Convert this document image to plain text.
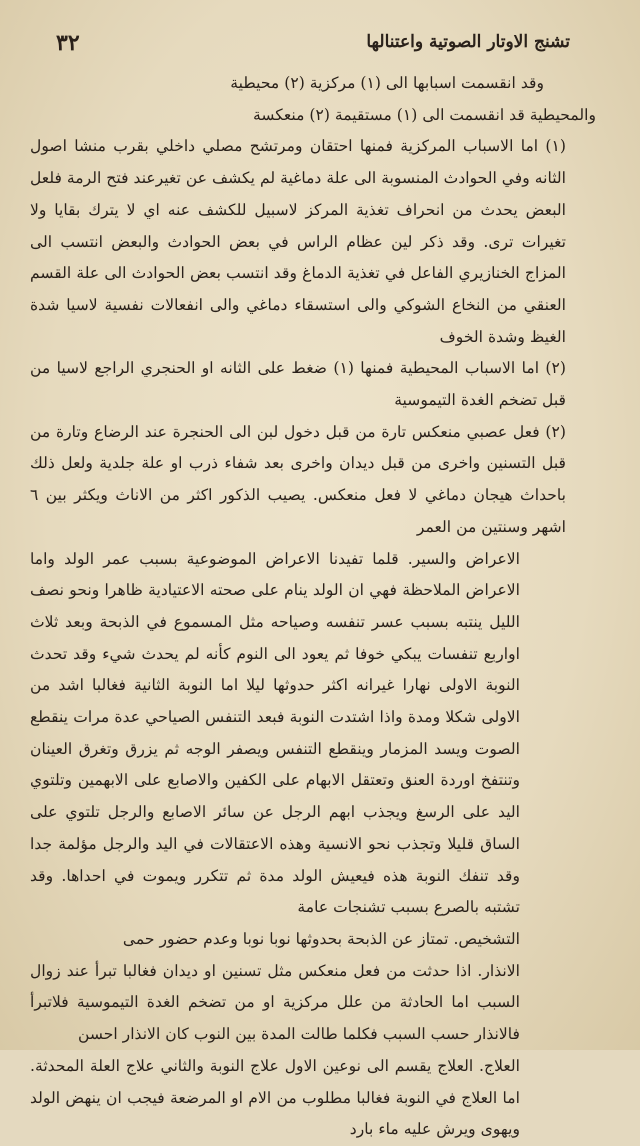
٣٢	تشنج الاوتار الصوتية واعتنالها

وقد انقسمت اسبابها الى (١) مركزية (٢) محيطية

والمحيطية قد انقسمت الى (١) مستقيمة (٢) منعكسة

(١) اما الاسباب المركزية فمنها احتقان ومرتشح مصلي داخلي بقرب منشا اصول الثانه وفي الحوادث المنسوبة الى علة دماغية لم يكشف عن تغيرعند فتح الرمة فلعل البعض يحدث من انحراف تغذية المركز لاسبيل للكشف عنه اي لا يترك بقايا ولا تغيرات ترى. وقد ذكر لين عظام الراس في بعض الحوادث والبعض انتسب الى المزاج الخنازيري الفاعل في تغذية الدماغ وقد انتسب بعض الحوادث الى علة القسم العنقي من النخاع الشوكي والى استسقاء دماغي والى انفعالات نفسية لاسيا شدة الغيظ وشدة الخوف

(٢) اما الاسباب المحيطية فمنها (١) ضغط على الثانه او الحنجري الراجع لاسيا من قبل تضخم الغدة التيموسية

(٢) فعل عصبي منعكس تارة من قبل دخول لبن الى الحنجرة عند الرضاع وتارة من قبل التسنين واخرى من قبل ديدان واخرى بعد شفاء ذرب او علة جلدية ولعل ذلك باحداث هيجان دماغي لا فعل منعكس. يصيب الذكور اكثر من الاناث ويكثر بين ٦ اشهر وسنتين من العمر

الاعراض والسير. قلما تفيدنا الاعراض الموضوعية بسبب عمر الولد واما الاعراض الملاحظة فهي ان الولد ينام على صحته الاعتيادية ظاهرا ونحو نصف الليل ينتبه بسبب عسر تنفسه وصياحه مثل المسموع في الذبحة وبعد ثلاث اواربع تنفسات يبكي خوفا ثم يعود الى النوم كأنه لم يحدث شيء وقد تحدث النوبة الاولى نهارا غيرانه اكثر حدوثها ليلا اما النوبة الثانية فغالبا اشد من الاولى شكلا ومدة واذا اشتدت النوبة فبعد التنفس الصياحي عدة مرات ينقطع الصوت ويسد المزمار وينقطع التنفس ويصفر الوجه ثم يزرق وتغرق العينان وتنتفخ اوردة العنق وتعتقل الابهام على الكفين والاصابع على الابهمين وتلتوي اليد على الرسغ ويجذب ابهم الرجل عن سائر الاصابع والرجل تلتوي على الساق قليلا وتجذب نحو الانسية وهذه الاعتقالات في اليد والرجل مؤلمة جدا وقد تنفك النوبة هذه فيعيش الولد مدة ثم تتكرر ويموت في احداها. وقد تشتبه بالصرع بسبب تشنجات عامة

التشخيص. تمتاز عن الذبحة بحدوثها نوبا نوبا وعدم حضور حمى

الانذار. اذا حدثت من فعل منعكس مثل تسنين او ديدان فغالبا تبرأ عند زوال السبب اما الحادثة من علل مركزية او من تضخم الغدة التيموسية فلاتبرأ فالانذار حسب السبب فكلما طالت المدة بين النوب كان الانذار احسن

العلاج. العلاج يقسم الى نوعين الاول علاج النوبة والثاني علاج العلة المحدثة. اما العلاج في النوبة فغالبا مطلوب من الام او المرضعة فيجب ان ينهض الولد ويهوى ويرش عليه ماء بارد
